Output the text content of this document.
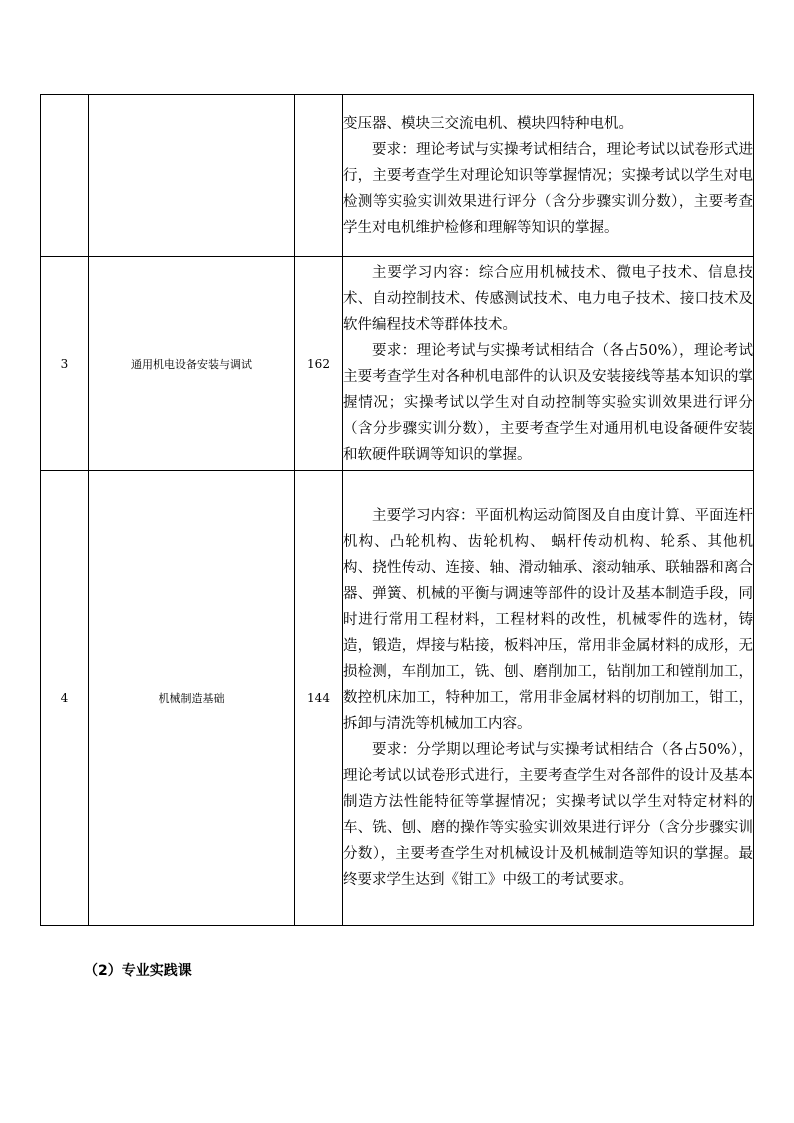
			变压器、模块三交流电机、模块四特种电机。

要求：理论考试与实操考试相结合，理论考试以试卷形式进行，主要考查学生对理论知识等掌握情况；实操考试以学生对电检测等实验实训效果进行评分（含分步骤实训分数），主要考查学生对电机维护检修和理解等知识的掌握。

3	通用机电设备安装与调试	162	主要学习内容：综合应用机械技术、微电子技术、信息技术、自动控制技术、传感测试技术、电力电子技术、接口技术及软件编程技术等群体技术。

要求：理论考试与实操考试相结合（各占50%），理论考试主要考查学生对各种机电部件的认识及安装接线等基本知识的掌握情况；实操考试以学生对自动控制等实验实训效果进行评分（含分步骤实训分数），主要考查学生对通用机电设备硬件安装和软硬件联调等知识的掌握。

4	机械制造基础	144	主要学习内容：平面机构运动简图及自由度计算、平面连杆机构、凸轮机构、齿轮机构、 蜗杆传动机构、轮系、其他机构、挠性传动、连接、轴、滑动轴承、滚动轴承、联轴器和离合器、弹簧、机械的平衡与调速等部件的设计及基本制造手段，同时进行常用工程材料，工程材料的改性，机械零件的选材，铸造，锻造，焊接与粘接，板料冲压，常用非金属材料的成形，无损检测，车削加工，铣、刨、磨削加工，钻削加工和镗削加工，数控机床加工，特种加工，常用非金属材料的切削加工，钳工，拆卸与清洗等机械加工内容。

要求：分学期以理论考试与实操考试相结合（各占50%），理论考试以试卷形式进行，主要考查学生对各部件的设计及基本制造方法性能特征等掌握情况；实操考试以学生对特定材料的车、铣、刨、磨的操作等实验实训效果进行评分（含分步骤实训分数），主要考查学生对机械设计及机械制造等知识的掌握。最终要求学生达到《钳工》中级工的考试要求。

（2）专业实践课
